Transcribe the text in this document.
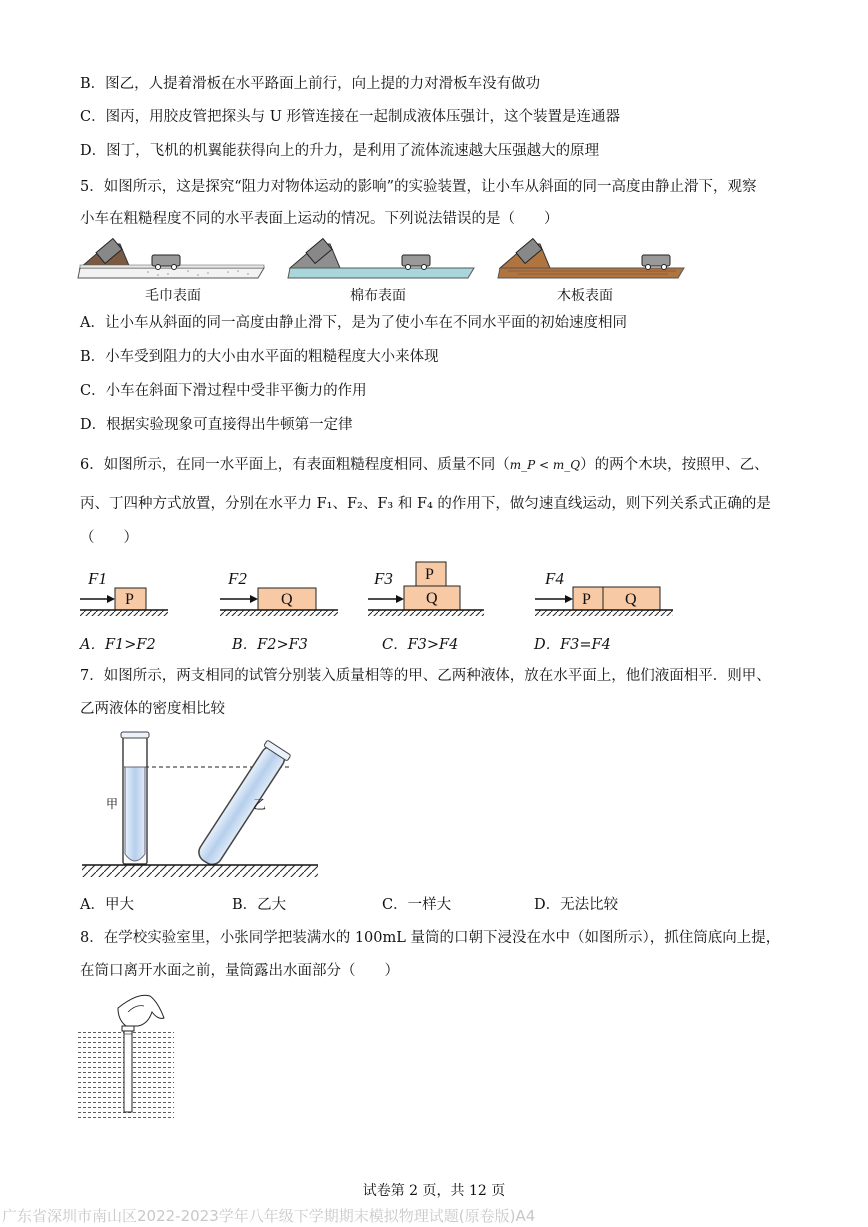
B．图乙，人提着滑板在水平路面上前行，向上提的力对滑板车没有做功
C．图丙，用胶皮管把探头与 U 形管连接在一起制成液体压强计，这个装置是连通器
D．图丁，飞机的机翼能获得向上的升力，是利用了流体流速越大压强越大的原理
5．如图所示，这是探究“阻力对物体运动的影响”的实验装置，让小车从斜面的同一高度由静止滑下，观察
小车在粗糙程度不同的水平表面上运动的情况。下列说法错误的是（　　）
毛巾表面	棉布表面	木板表面
A．让小车从斜面的同一高度由静止滑下，是为了使小车在不同水平面的初始速度相同
B．小车受到阻力的大小由水平面的粗糙程度大小来体现
C．小车在斜面下滑过程中受非平衡力的作用
D．根据实验现象可直接得出牛顿第一定律
6．如图所示，在同一水平面上，有表面粗糙程度相同、质量不同（m_P < m_Q）的两个木块，按照甲、乙、
丙、丁四种方式放置，分别在水平力 F₁、F₂、F₃ 和 F₄ 的作用下，做匀速直线运动，则下列关系式正确的是
（　　）
F1
P
F2
Q
F3 P
Q
F4
P Q
A．F1>F2	B．F2>F3	C．F3>F4	D．F3=F4
7．如图所示，两支相同的试管分别装入质量相等的甲、乙两种液体，放在水平面上，他们液面相平．则甲、
乙两液体的密度相比较
甲	乙
A．甲大	B．乙大	C．一样大	D．无法比较
8．在学校实验室里，小张同学把装满水的 100mL 量筒的口朝下浸没在水中（如图所示），抓住筒底向上提，
在筒口离开水面之前，量筒露出水面部分（　　）
试卷第 2 页，共 12 页
广东省深圳市南山区2022-2023学年八年级下学期期末模拟物理试题(原卷版)A4
